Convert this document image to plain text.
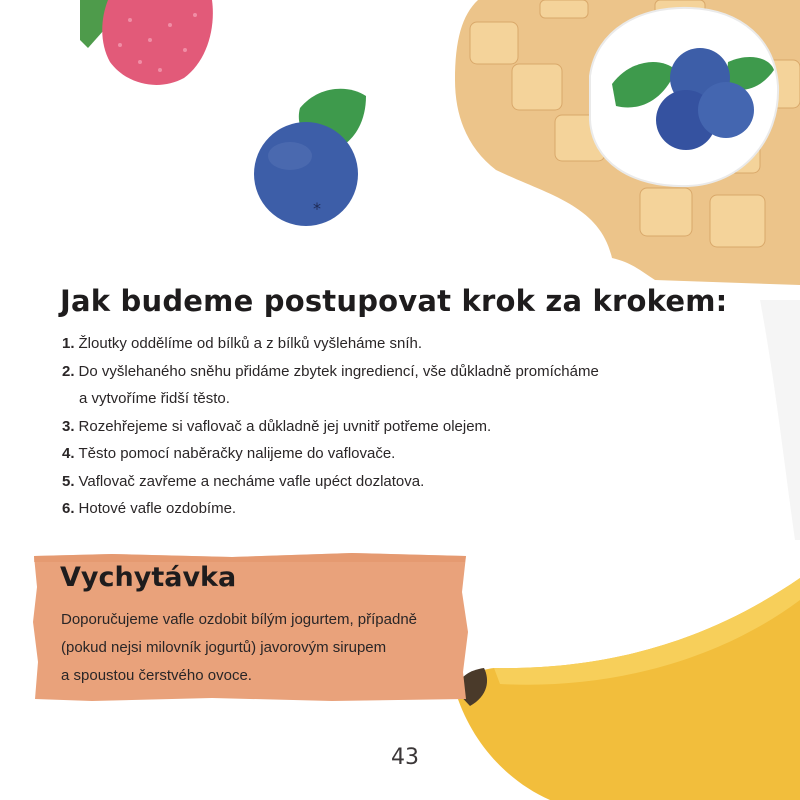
*
Jak budeme postupovat krok za krokem:
1. Žloutky oddělíme od bílků a z bílků vyšleháme sníh.
2. Do vyšlehaného sněhu přidáme zbytek ingrediencí, vše důkladně promícháme
a vytvoříme řidší těsto.
3. Rozehřejeme si vaflovač a důkladně jej uvnitř potřeme olejem.
4. Těsto pomocí naběračky nalijeme do vaflovače.
5. Vaflovač zavřeme a necháme vafle upéct dozlatova.
6. Hotové vafle ozdobíme.
Vychytávka

Doporučujeme vafle ozdobit bílým jogurtem, případně
(pokud nejsi milovník jogurtů) javorovým sirupem
a spoustou čerstvého ovoce.

43
